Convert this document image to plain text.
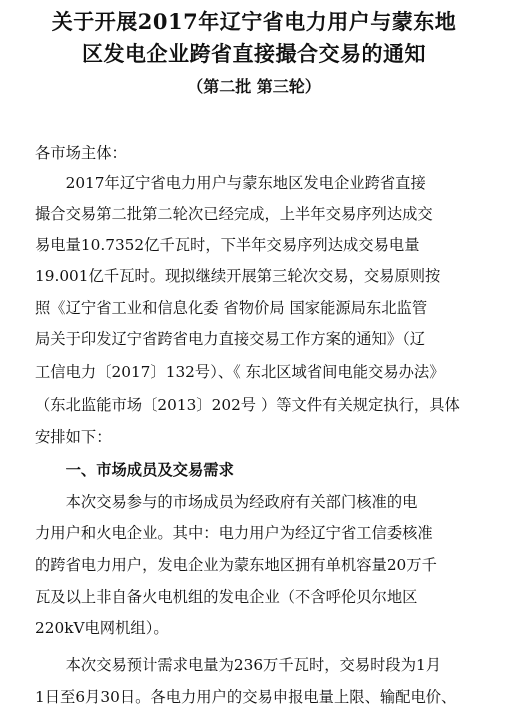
关于开展2017年辽宁省电力用户与蒙东地
区发电企业跨省直接撮合交易的通知
（第二批 第三轮）
各市场主体：
　　2017年辽宁省电力用户与蒙东地区发电企业跨省直接
撮合交易第二批第二轮次已经完成，上半年交易序列达成交
易电量10.7352亿千瓦时，下半年交易序列达成交易电量
19.001亿千瓦时。现拟继续开展第三轮次交易，交易原则按
照《辽宁省工业和信息化委 省物价局 国家能源局东北监管
局关于印发辽宁省跨省电力直接交易工作方案的通知》（辽
工信电力〔2017〕132号）、《 东北区域省间电能交易办法》
（东北监能市场〔2013〕202号 ）等文件有关规定执行，具体
安排如下：
　　一、市场成员及交易需求
　　本次交易参与的市场成员为经政府有关部门核准的电
力用户和火电企业。其中：电力用户为经辽宁省工信委核准
的跨省电力用户，发电企业为蒙东地区拥有单机容量20万千
瓦及以上非自备火电机组的发电企业（不含呼伦贝尔地区
220kV电网机组）。
　　本次交易预计需求电量为236万千瓦时，交易时段为1月
1日至6月30日。各电力用户的交易申报电量上限、输配电价、
